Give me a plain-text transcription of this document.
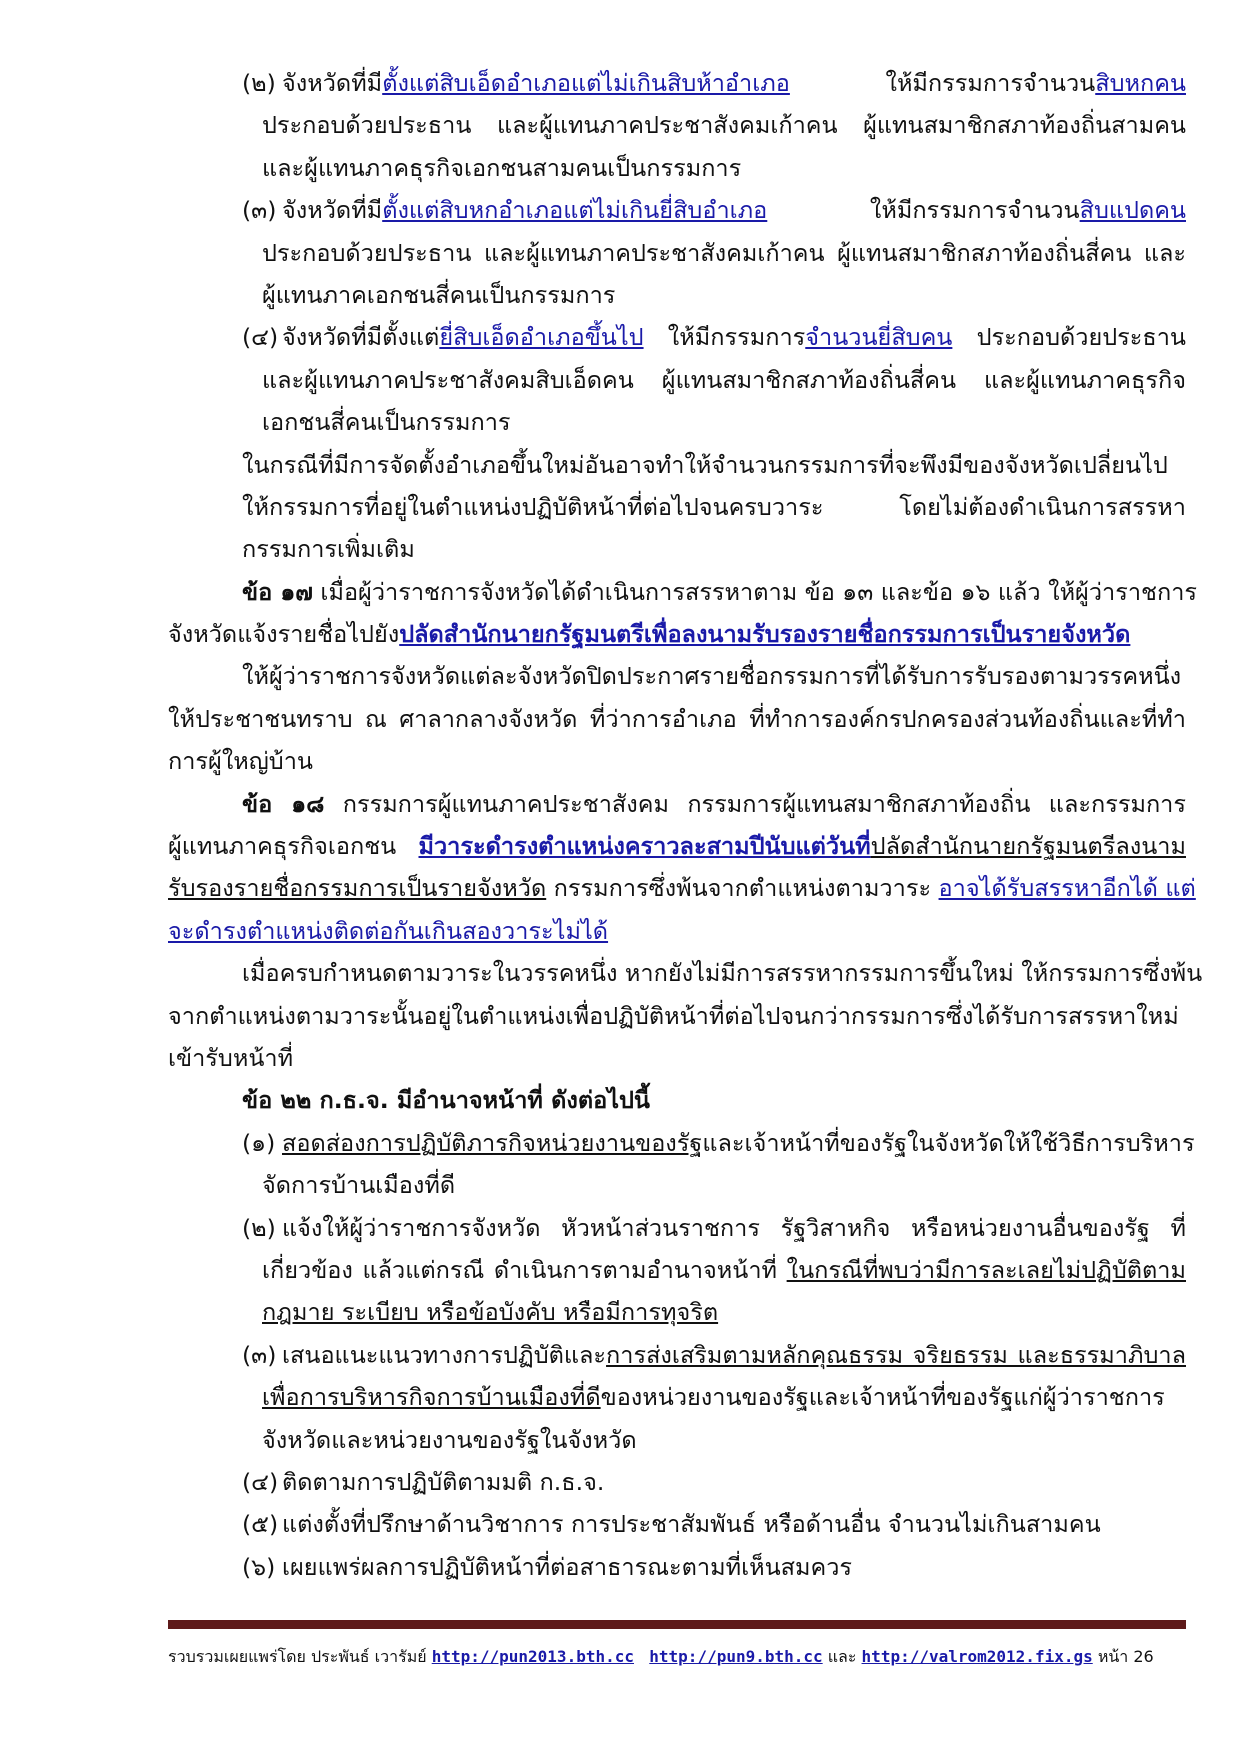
(๒) จังหวัดที่มีตั้งแต่สิบเอ็ดอำเภอแต่ไม่เกินสิบห้าอำเภอ ให้มีกรรมการจำนวนสิบหกคน
ประกอบด้วยประธาน และผู้แทนภาคประชาสังคมเก้าคน ผู้แทนสมาชิกสภาท้องถิ่นสามคน
และผู้แทนภาคธุรกิจเอกชนสามคนเป็นกรรมการ
(๓) จังหวัดที่มีตั้งแต่สิบหกอำเภอแต่ไม่เกินยี่สิบอำเภอ ให้มีกรรมการจำนวนสิบแปดคน
ประกอบด้วยประธาน และผู้แทนภาคประชาสังคมเก้าคน ผู้แทนสมาชิกสภาท้องถิ่นสี่คน และ
ผู้แทนภาคเอกชนสี่คนเป็นกรรมการ
(๔) จังหวัดที่มีตั้งแต่ยี่สิบเอ็ดอำเภอขึ้นไป ให้มีกรรมการจำนวนยี่สิบคน ประกอบด้วยประธาน
และผู้แทนภาคประชาสังคมสิบเอ็ดคน ผู้แทนสมาชิกสภาท้องถิ่นสี่คน และผู้แทนภาคธุรกิจ
เอกชนสี่คนเป็นกรรมการ
ในกรณีที่มีการจัดตั้งอำเภอขึ้นใหม่อันอาจทำให้จำนวนกรรมการที่จะพึงมีของจังหวัดเปลี่ยนไป
ให้กรรมการที่อยู่ในตำแหน่งปฏิบัติหน้าที่ต่อไปจนครบวาระ โดยไม่ต้องดำเนินการสรรหา
กรรมการเพิ่มเติม
ข้อ ๑๗ เมื่อผู้ว่าราชการจังหวัดได้ดำเนินการสรรหาตาม ข้อ ๑๓ และข้อ ๑๖ แล้ว ให้ผู้ว่าราชการ
จังหวัดแจ้งรายชื่อไปยังปลัดสำนักนายกรัฐมนตรีเพื่อลงนามรับรองรายชื่อกรรมการเป็นรายจังหวัด
ให้ผู้ว่าราชการจังหวัดแต่ละจังหวัดปิดประกาศรายชื่อกรรมการที่ได้รับการรับรองตามวรรคหนึ่ง
ให้ประชาชนทราบ ณ ศาลากลางจังหวัด ที่ว่าการอำเภอ ที่ทำการองค์กรปกครองส่วนท้องถิ่นและที่ทำ
การผู้ใหญ่บ้าน
ข้อ ๑๘ กรรมการผู้แทนภาคประชาสังคม กรรมการผู้แทนสมาชิกสภาท้องถิ่น และกรรมการ
ผู้แทนภาคธุรกิจเอกชน มีวาระดำรงตำแหน่งคราวละสามปีนับแต่วันที่ปลัดสำนักนายกรัฐมนตรีลงนาม
รับรองรายชื่อกรรมการเป็นรายจังหวัด กรรมการซึ่งพ้นจากตำแหน่งตามวาระ อาจได้รับสรรหาอีกได้ แต่
จะดำรงตำแหน่งติดต่อกันเกินสองวาระไม่ได้
เมื่อครบกำหนดตามวาระในวรรคหนึ่ง หากยังไม่มีการสรรหากรรมการขึ้นใหม่ ให้กรรมการซึ่งพ้น
จากตำแหน่งตามวาระนั้นอยู่ในตำแหน่งเพื่อปฏิบัติหน้าที่ต่อไปจนกว่ากรรมการซึ่งได้รับการสรรหาใหม่
เข้ารับหน้าที่
ข้อ ๒๒ ก.ธ.จ. มีอำนาจหน้าที่ ดังต่อไปนี้
(๑) สอดส่องการปฏิบัติภารกิจหน่วยงานของรัฐและเจ้าหน้าที่ของรัฐในจังหวัดให้ใช้วิธีการบริหาร
จัดการบ้านเมืองที่ดี
(๒) แจ้งให้ผู้ว่าราชการจังหวัด หัวหน้าส่วนราชการ รัฐวิสาหกิจ หรือหน่วยงานอื่นของรัฐ ที่
เกี่ยวข้อง แล้วแต่กรณี ดำเนินการตามอำนาจหน้าที่ ในกรณีที่พบว่ามีการละเลยไม่ปฏิบัติตาม
กฎมาย ระเบียบ หรือข้อบังคับ หรือมีการทุจริต
(๓) เสนอแนะแนวทางการปฏิบัติและการส่งเสริมตามหลักคุณธรรม จริยธรรม และธรรมาภิบาล
เพื่อการบริหารกิจการบ้านเมืองที่ดีของหน่วยงานของรัฐและเจ้าหน้าที่ของรัฐแก่ผู้ว่าราชการ
จังหวัดและหน่วยงานของรัฐในจังหวัด
(๔) ติดตามการปฏิบัติตามมติ ก.ธ.จ.
(๕) แต่งตั้งที่ปรึกษาด้านวิชาการ การประชาสัมพันธ์ หรือด้านอื่น จำนวนไม่เกินสามคน
(๖) เผยแพร่ผลการปฏิบัติหน้าที่ต่อสาธารณะตามที่เห็นสมควร
รวบรวมเผยแพร่โดย ประพันธ์ เวารัมย์ http://pun2013.bth.cc http://pun9.bth.cc และ http://valrom2012.fix.gs หน้า 26
